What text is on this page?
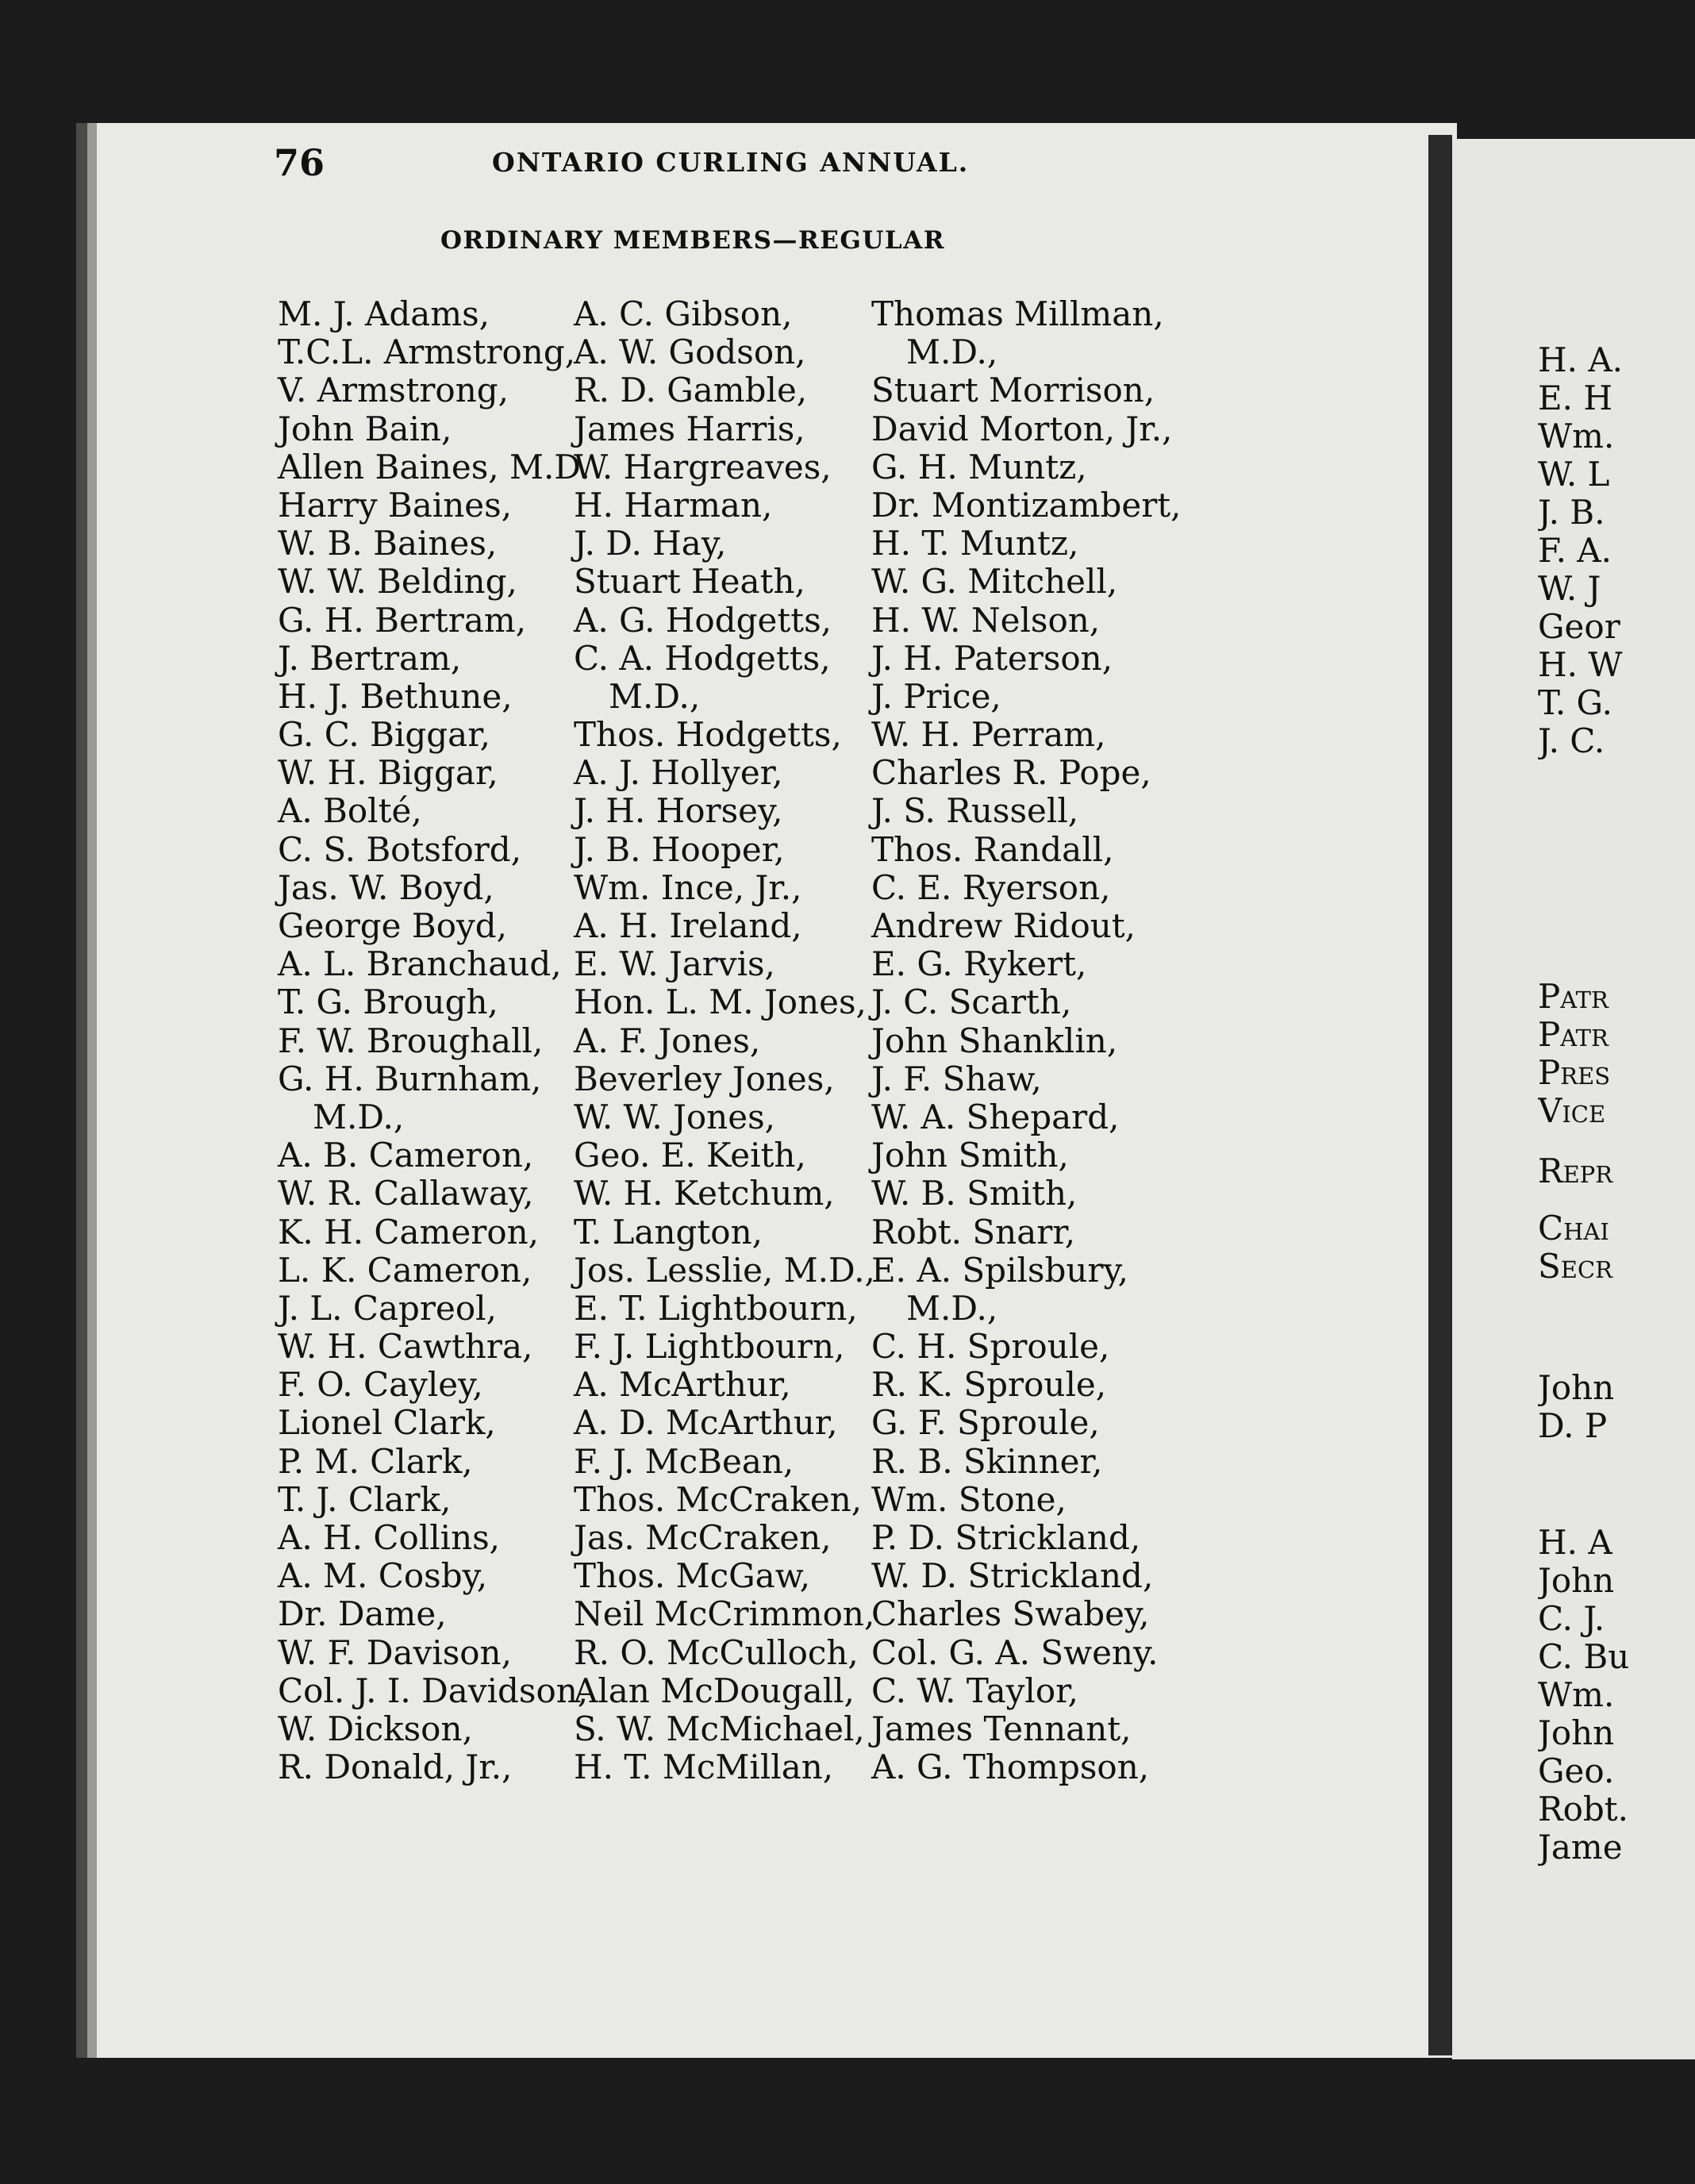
76	ONTARIO CURLING ANNUAL.
ORDINARY MEMBERS—REGULAR
M. J. Adams,
T.C.L. Armstrong,
V. Armstrong,
John Bain,
Allen Baines, M.D.
Harry Baines,
W. B. Baines,
W. W. Belding,
G. H. Bertram,
J. Bertram,
H. J. Bethune,
G. C. Biggar,
W. H. Biggar,
A. Bolté,
C. S. Botsford,
Jas. W. Boyd,
George Boyd,
A. L. Branchaud,
T. G. Brough,
F. W. Broughall,
G. H. Burnham,
M.D.,
A. B. Cameron,
W. R. Callaway,
K. H. Cameron,
L. K. Cameron,
J. L. Capreol,
W. H. Cawthra,
F. O. Cayley,
Lionel Clark,
P. M. Clark,
T. J. Clark,
A. H. Collins,
A. M. Cosby,
Dr. Dame,
W. F. Davison,
Col. J. I. Davidson,
W. Dickson,
R. Donald, Jr.,
A. C. Gibson,
A. W. Godson,
R. D. Gamble,
James Harris,
W. Hargreaves,
H. Harman,
J. D. Hay,
Stuart Heath,
A. G. Hodgetts,
C. A. Hodgetts,
M.D.,
Thos. Hodgetts,
A. J. Hollyer,
J. H. Horsey,
J. B. Hooper,
Wm. Ince, Jr.,
A. H. Ireland,
E. W. Jarvis,
Hon. L. M. Jones,
A. F. Jones,
Beverley Jones,
W. W. Jones,
Geo. E. Keith,
W. H. Ketchum,
T. Langton,
Jos. Lesslie, M.D.,
E. T. Lightbourn,
F. J. Lightbourn,
A. McArthur,
A. D. McArthur,
F. J. McBean,
Thos. McCraken,
Jas. McCraken,
Thos. McGaw,
Neil McCrimmon,
R. O. McCulloch,
Alan McDougall,
S. W. McMichael,
H. T. McMillan,
Thomas Millman,
M.D.,
Stuart Morrison,
David Morton, Jr.,
G. H. Muntz,
Dr. Montizambert,
H. T. Muntz,
W. G. Mitchell,
H. W. Nelson,
J. H. Paterson,
J. Price,
W. H. Perram,
Charles R. Pope,
J. S. Russell,
Thos. Randall,
C. E. Ryerson,
Andrew Ridout,
E. G. Rykert,
J. C. Scarth,
John Shanklin,
J. F. Shaw,
W. A. Shepard,
John Smith,
W. B. Smith,
Robt. Snarr,
E. A. Spilsbury,
M.D.,
C. H. Sproule,
R. K. Sproule,
G. F. Sproule,
R. B. Skinner,
Wm. Stone,
P. D. Strickland,
W. D. Strickland,
Charles Swabey,
Col. G. A. Sweny.
C. W. Taylor,
James Tennant,
A. G. Thompson,
H. A.
E. H
Wm.
W. L
J. B.
F. A.
W. J
Geor
H. W
T. G.
J. C.
Patr
Patr
Pres
Vice
Repr
Chai
Secr
John
D. P
H. A
John
C. J.
C. Bu
Wm.
John
Geo.
Robt.
Jame
